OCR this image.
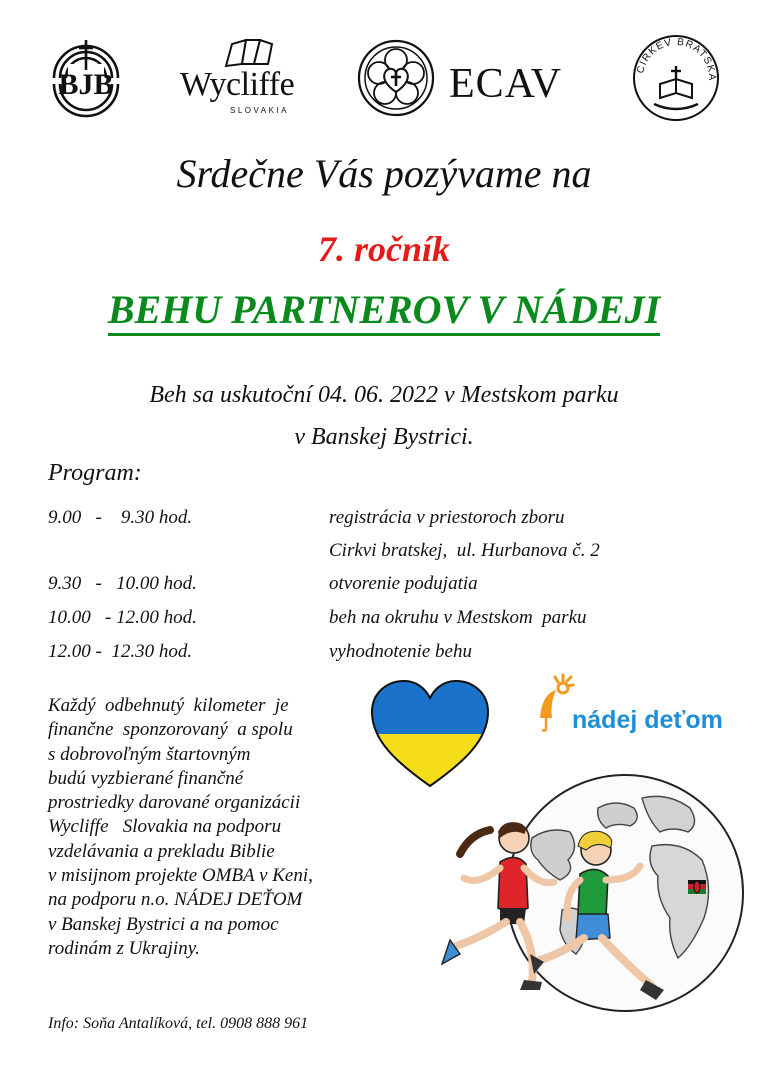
BJB Wycliffe
SLOVAKIA
ECAV	CIRKEV BRATSKÁ
Srdečne Vás pozývame na
7. ročník
BEHU PARTNEROV V NÁDEJI
Beh sa uskutoční 04. 06. 2022 v Mestskom parku
v Banskej Bystrici.
Program:
9.00   -    9.30 hod.	registrácia v priestoroch zboru
Cirkvi bratskej,  ul. Hurbanova č. 2
9.30   -   10.00 hod.	otvorenie podujatia
10.00   - 12.00 hod.	beh na okruhu v Mestskom  parku
12.00 -  12.30 hod.	vyhodnotenie behu
Každý  odbehnutý  kilometer  je
finančne  sponzorovaný  a spolu
s dobrovoľným štartovným
budú vyzbierané finančné
prostriedky darované organizácii
Wycliffe   Slovakia na podporu
vzdelávania a prekladu Biblie
v misijnom projekte OMBA v Keni,
na podporu n.o. NÁDEJ DEŤOM
v Banskej Bystrici a na pomoc
rodinám z Ukrajiny.
nádej deťom
Info: Soňa Antalíková, tel. 0908 888 961
